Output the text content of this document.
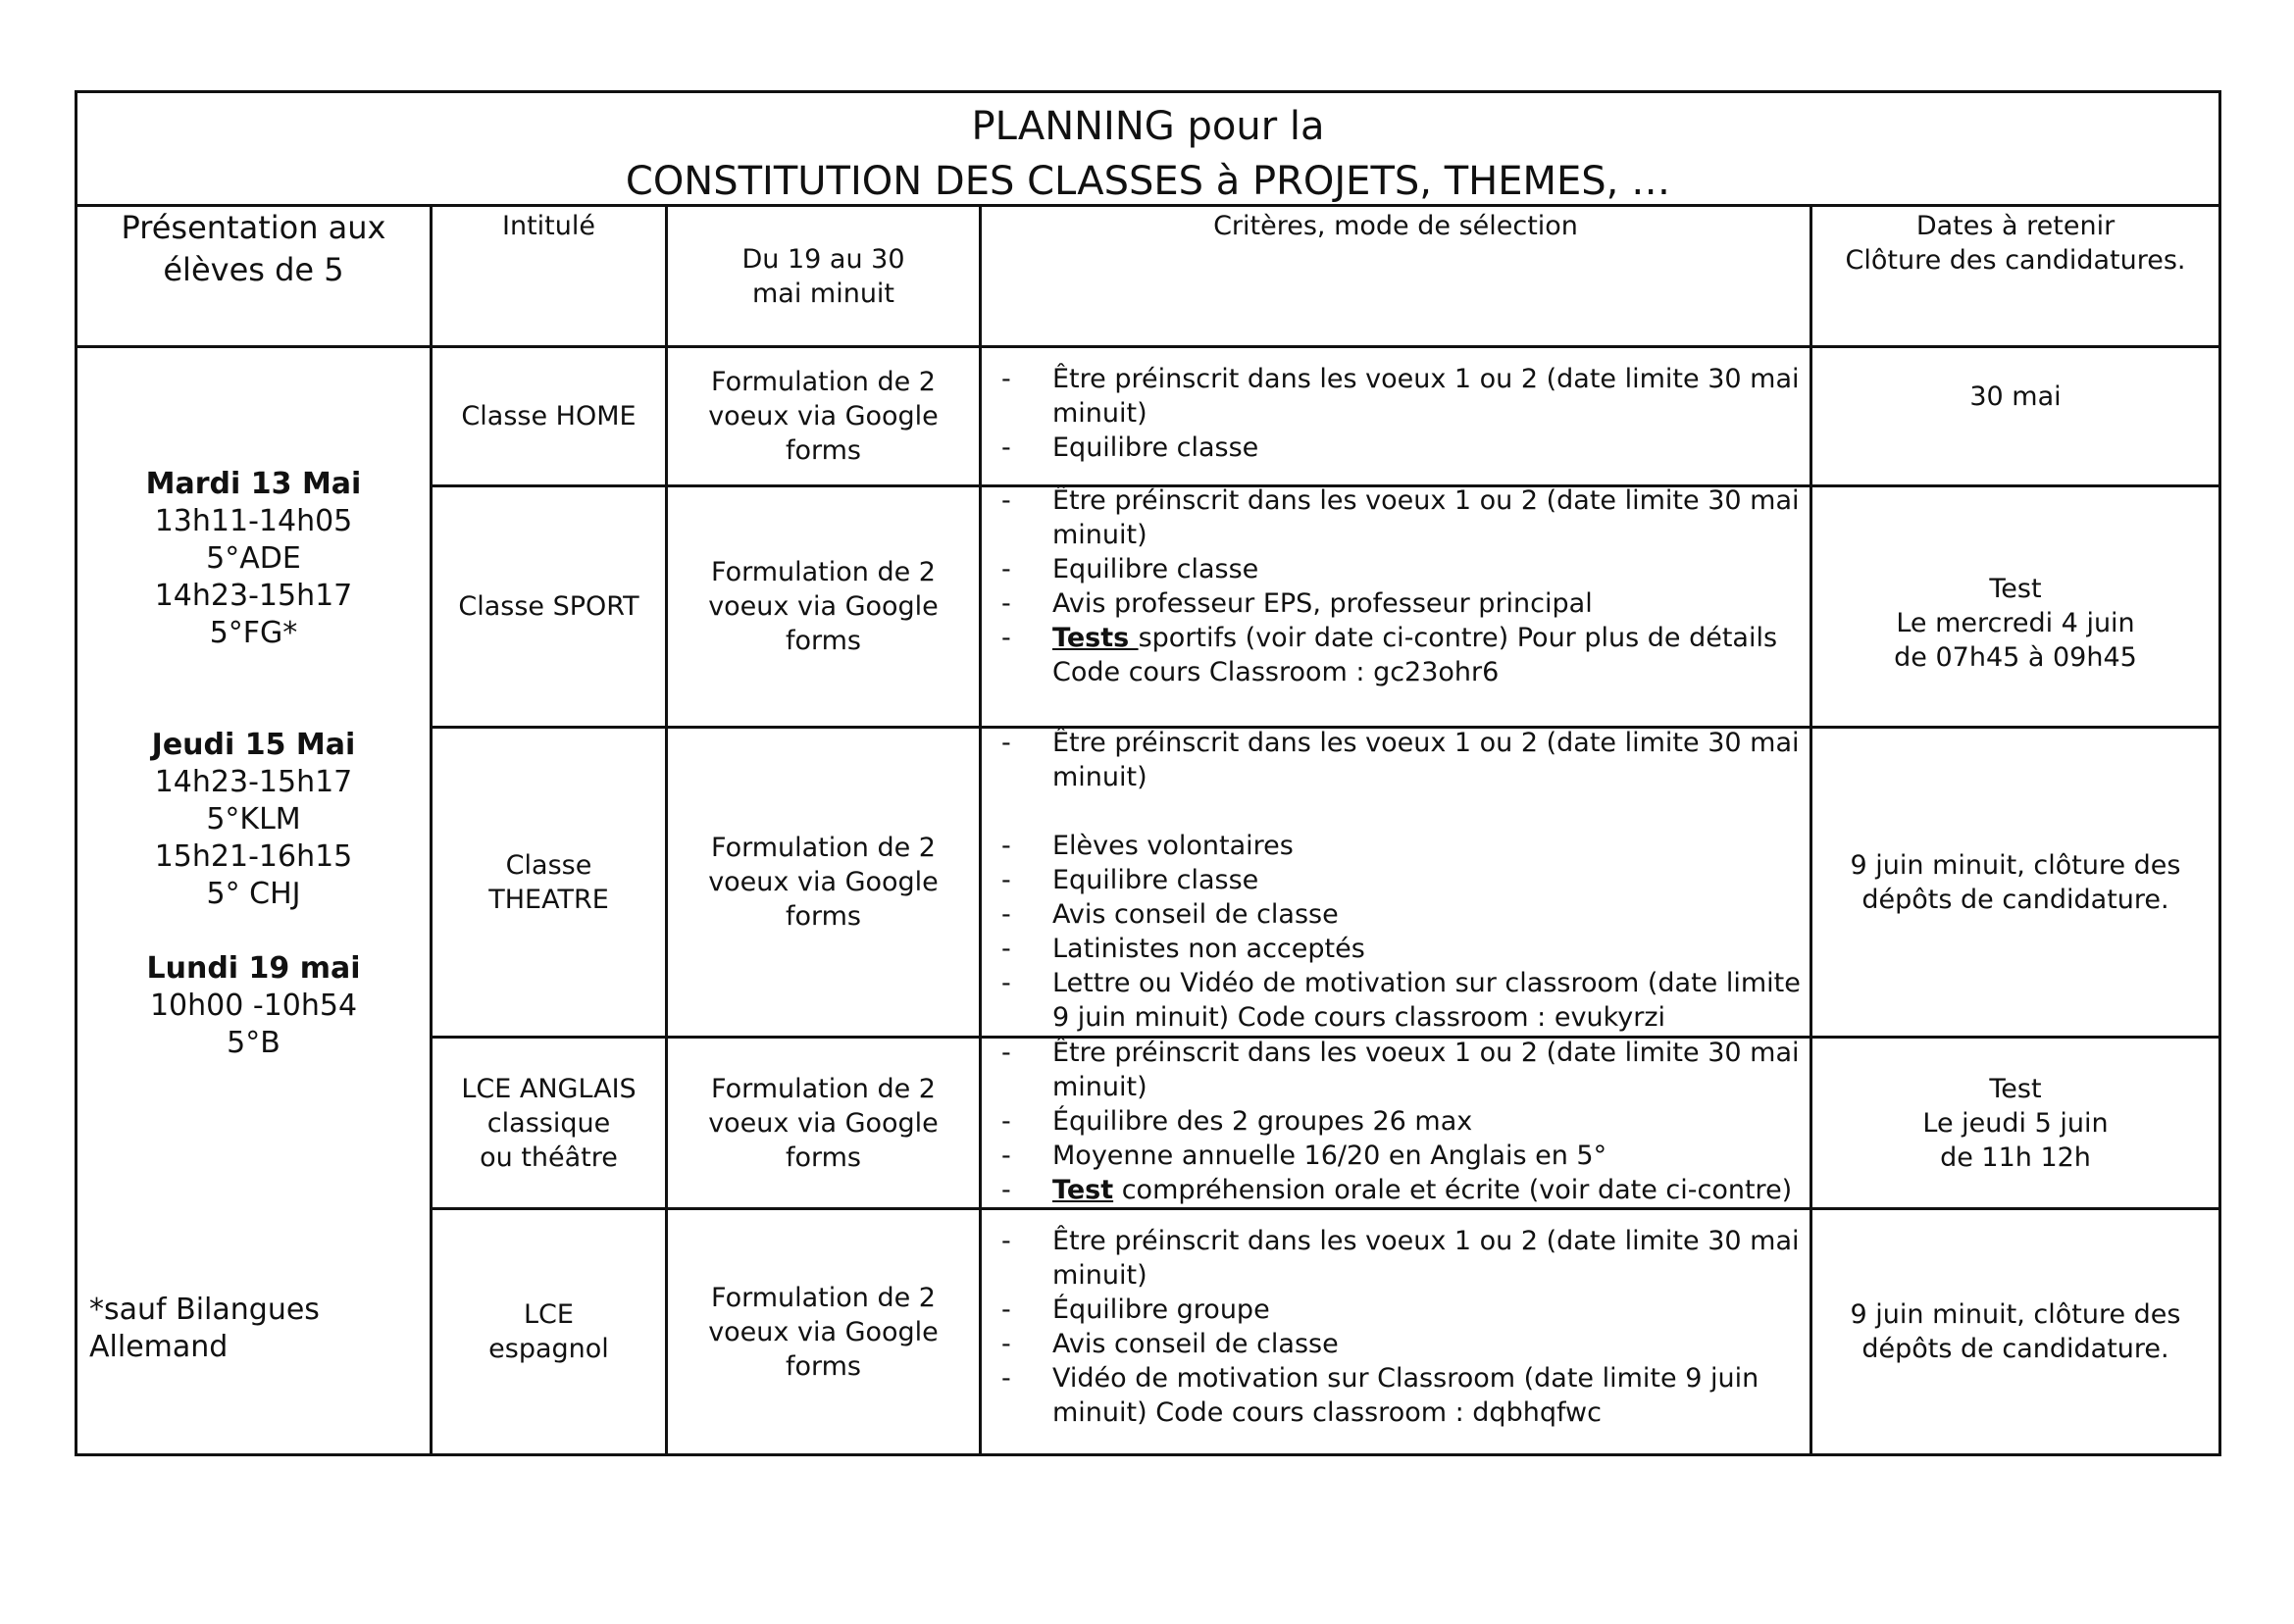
PLANNING pour la
CONSTITUTION DES CLASSES à PROJETS, THEMES, …
Présentation aux élèves de 5
Intitulé
Du 19 au 30 mai minuit
Critères, mode de sélection	Dates à retenir
Clôture des candidatures.
Mardi 13 Mai
13h11-14h05
5°ADE
14h23-15h17
5°FG*
Jeudi 15 Mai
14h23-15h17
5°KLM
15h21-16h15
5° CHJ
Lundi 19 mai
10h00 -10h54
5°B
*sauf Bilangues Allemand
Classe HOME
Formulation de 2 voeux via Google forms
- Être préinscrit dans les voeux 1 ou 2 (date limite 30 mai minuit)
- Equilibre classe
30 mai
Classe SPORT
Formulation de 2 voeux via Google forms
- Être préinscrit dans les voeux 1 ou 2 (date limite 30 mai minuit)
- Equilibre classe
- Avis professeur EPS, professeur principal
- Tests sportifs (voir date ci-contre) Pour plus de détails Code cours Classroom : gc23ohr6
Test
Le mercredi 4 juin
de 07h45 à 09h45
Classe
THEATRE
Formulation de 2 voeux via Google forms
- Être préinscrit dans les voeux 1 ou 2 (date limite 30 mai minuit)
- Elèves volontaires
- Equilibre classe
- Avis conseil de classe
- Latinistes non acceptés
- Lettre ou Vidéo de motivation sur classroom (date limite 9 juin minuit) Code cours classroom : evukyrzi
9 juin minuit, clôture des dépôts de candidature.
LCE ANGLAIS
classique
ou théâtre
Formulation de 2 voeux via Google forms
- Être préinscrit dans les voeux 1 ou 2 (date limite 30 mai minuit)
- Équilibre des 2 groupes 26 max
- Moyenne annuelle 16/20 en Anglais en 5°
- Test compréhension orale et écrite (voir date ci-contre)
Test
Le jeudi 5 juin
de 11h 12h
LCE
espagnol
Formulation de 2 voeux via Google forms
- Être préinscrit dans les voeux 1 ou 2 (date limite 30 mai minuit)
- Équilibre groupe
- Avis conseil de classe
- Vidéo de motivation sur Classroom (date limite 9 juin minuit) Code cours classroom : dqbhqfwc
9 juin minuit, clôture des dépôts de candidature.
